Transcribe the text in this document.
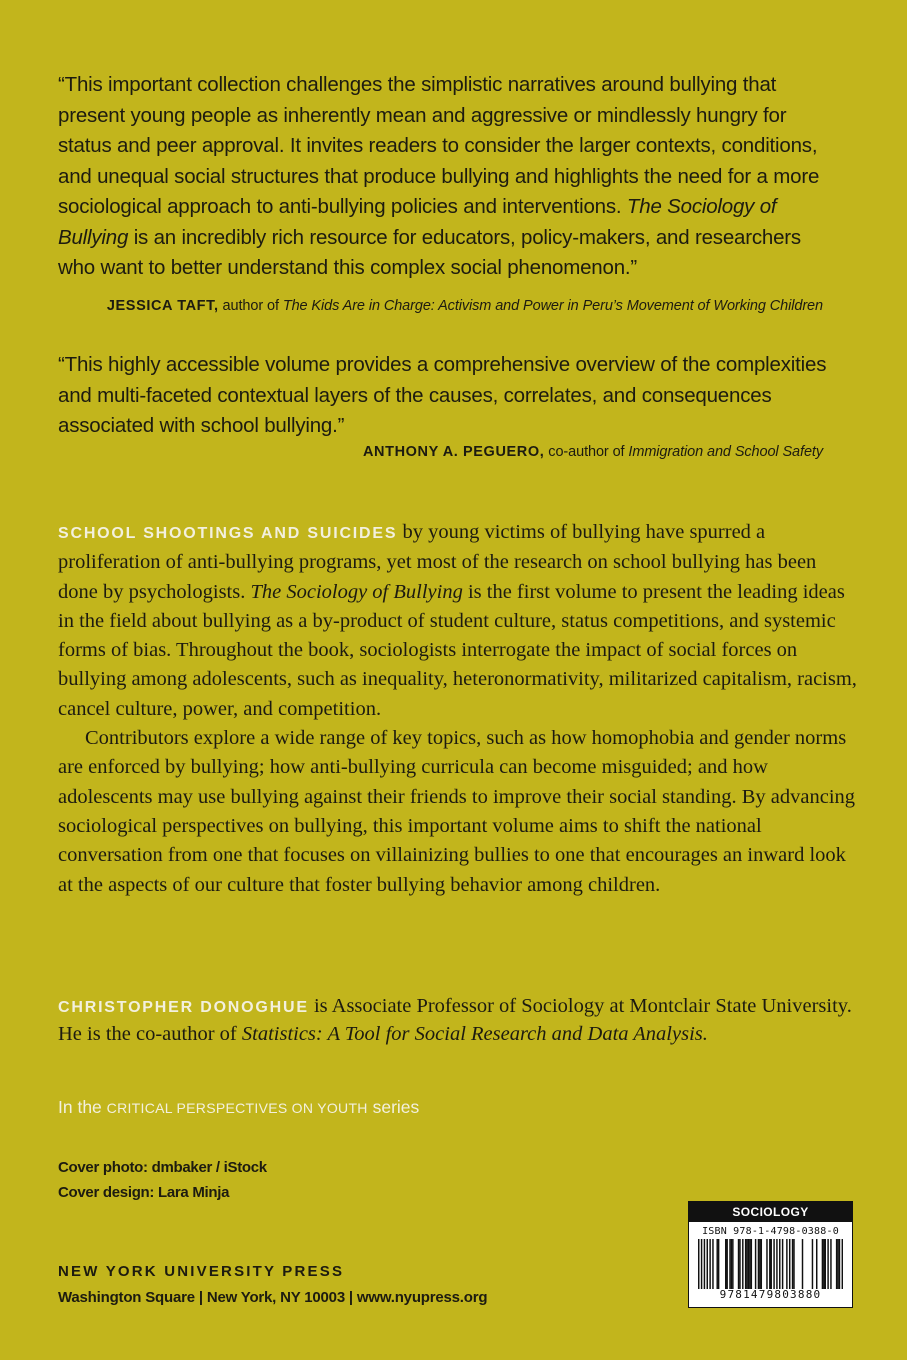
“This important collection challenges the simplistic narratives around bullying that present young people as inherently mean and aggressive or mindlessly hungry for status and peer approval. It invites readers to consider the larger contexts, conditions, and unequal social structures that produce bullying and highlights the need for a more sociological approach to anti-bullying policies and interventions. The Sociology of Bullying is an incredibly rich resource for educators, policy-makers, and researchers who want to better understand this complex social phenomenon.”
JESSICA TAFT, author of The Kids Are in Charge: Activism and Power in Peru’s Movement of Working Children
“This highly accessible volume provides a comprehensive overview of the complexities and multi-faceted contextual layers of the causes, correlates, and consequences associated with school bullying.”
ANTHONY A. PEGUERO, co-author of Immigration and School Safety

SCHOOL SHOOTINGS AND SUICIDES by young victims of bullying have spurred a proliferation of anti-bullying programs, yet most of the research on school bullying has been done by psychologists. The Sociology of Bullying is the first volume to present the leading ideas in the field about bullying as a by-product of student culture, status competitions, and systemic forms of bias. Throughout the book, sociologists interrogate the impact of social forces on bullying among adolescents, such as inequality, heteronormativity, militarized capitalism, racism, cancel culture, power, and competition.

Contributors explore a wide range of key topics, such as how homophobia and gender norms are enforced by bullying; how anti-bullying curricula can become misguided; and how adolescents may use bullying against their friends to improve their social standing. By advancing sociological perspectives on bullying, this important volume aims to shift the national conversation from one that focuses on villainizing bullies to one that encourages an inward look at the aspects of our culture that foster bullying behavior among children.

CHRISTOPHER DONOGHUE is Associate Professor of Sociology at Montclair State University. He is the co-author of Statistics: A Tool for Social Research and Data Analysis.
In the CRITICAL PERSPECTIVES ON YOUTH series
Cover photo: dmbaker / iStock
Cover design: Lara Minja
NEW YORK UNIVERSITY PRESS
Washington Square | New York, NY 10003 | www.nyupress.org
SOCIOLOGY
ISBN 978-1-4798-0388-0
9781479803880
